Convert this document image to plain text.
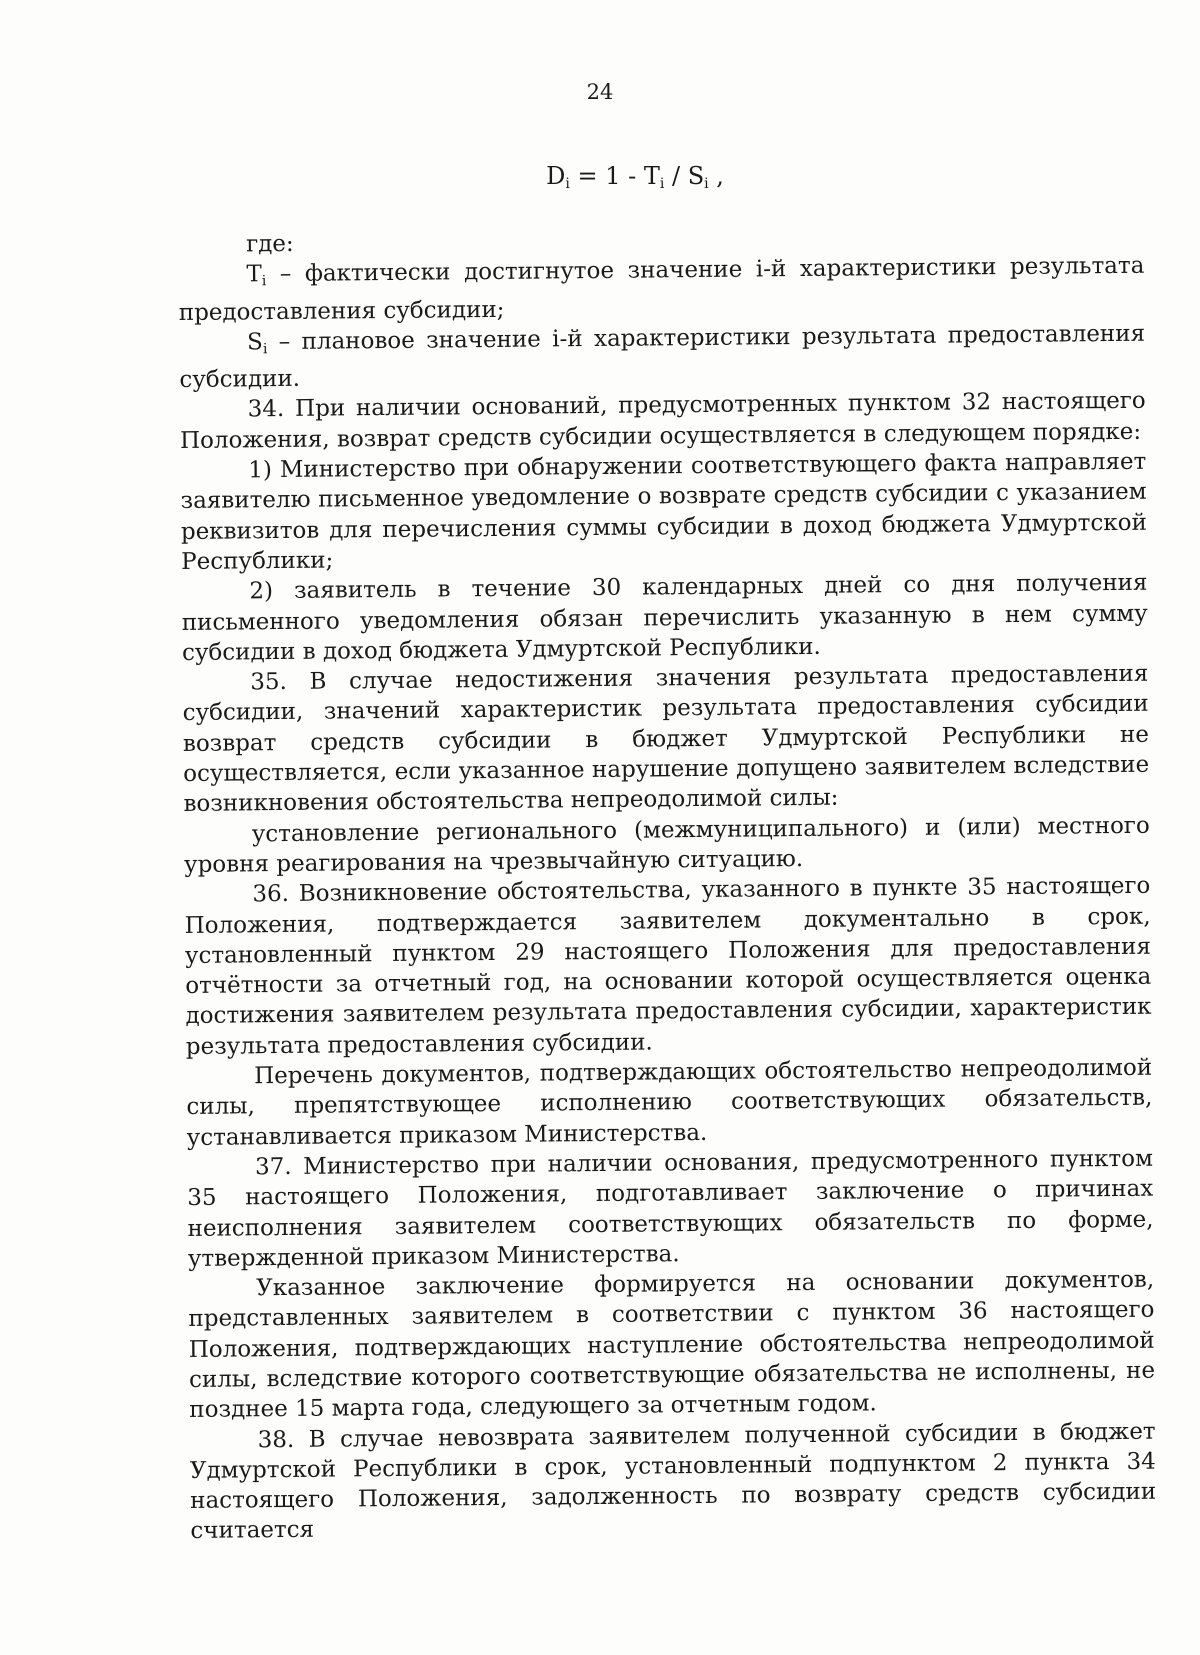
24
$D_i = 1 - T_i / S_i$ ,

где:

$T_i$ – фактически достигнутое значение i-й характеристики результата предоставления субсидии;

$S_i$ – плановое значение i-й характеристики результата предоставления субсидии.

34. При наличии оснований, предусмотренных пунктом 32 настоящего Положения, возврат средств субсидии осуществляется в следующем порядке:

1) Министерство при обнаружении соответствующего факта направляет заявителю письменное уведомление о возврате средств субсидии с указанием реквизитов для перечисления суммы субсидии в доход бюджета Удмуртской Республики;

2) заявитель в течение 30 календарных дней со дня получения письменного уведомления обязан перечислить указанную в нем сумму субсидии в доход бюджета Удмуртской Республики.

35. В случае недостижения значения результата предоставления субсидии, значений характеристик результата предоставления субсидии возврат средств субсидии в бюджет Удмуртской Республики не осуществляется, если указанное нарушение допущено заявителем вследствие возникновения обстоятельства непреодолимой силы:

установление регионального (межмуниципального) и (или) местного уровня реагирования на чрезвычайную ситуацию.

36. Возникновение обстоятельства, указанного в пункте 35 настоящего Положения, подтверждается заявителем документально в срок, установленный пунктом 29 настоящего Положения для предоставления отчётности за отчетный год, на основании которой осуществляется оценка достижения заявителем результата предоставления субсидии, характеристик результата предоставления субсидии.

Перечень документов, подтверждающих обстоятельство непреодолимой силы, препятствующее исполнению соответствующих обязательств, устанавливается приказом Министерства.

37. Министерство при наличии основания, предусмотренного пунктом 35 настоящего Положения, подготавливает заключение о причинах неисполнения заявителем соответствующих обязательств по форме, утвержденной приказом Министерства.

Указанное заключение формируется на основании документов, представленных заявителем в соответствии с пунктом 36 настоящего Положения, подтверждающих наступление обстоятельства непреодолимой силы, вследствие которого соответствующие обязательства не исполнены, не позднее 15 марта года, следующего за отчетным годом.

38. В случае невозврата заявителем полученной субсидии в бюджет Удмуртской Республики в срок, установленный подпунктом 2 пункта 34 настоящего Положения, задолженность по возврату средств субсидии считается
